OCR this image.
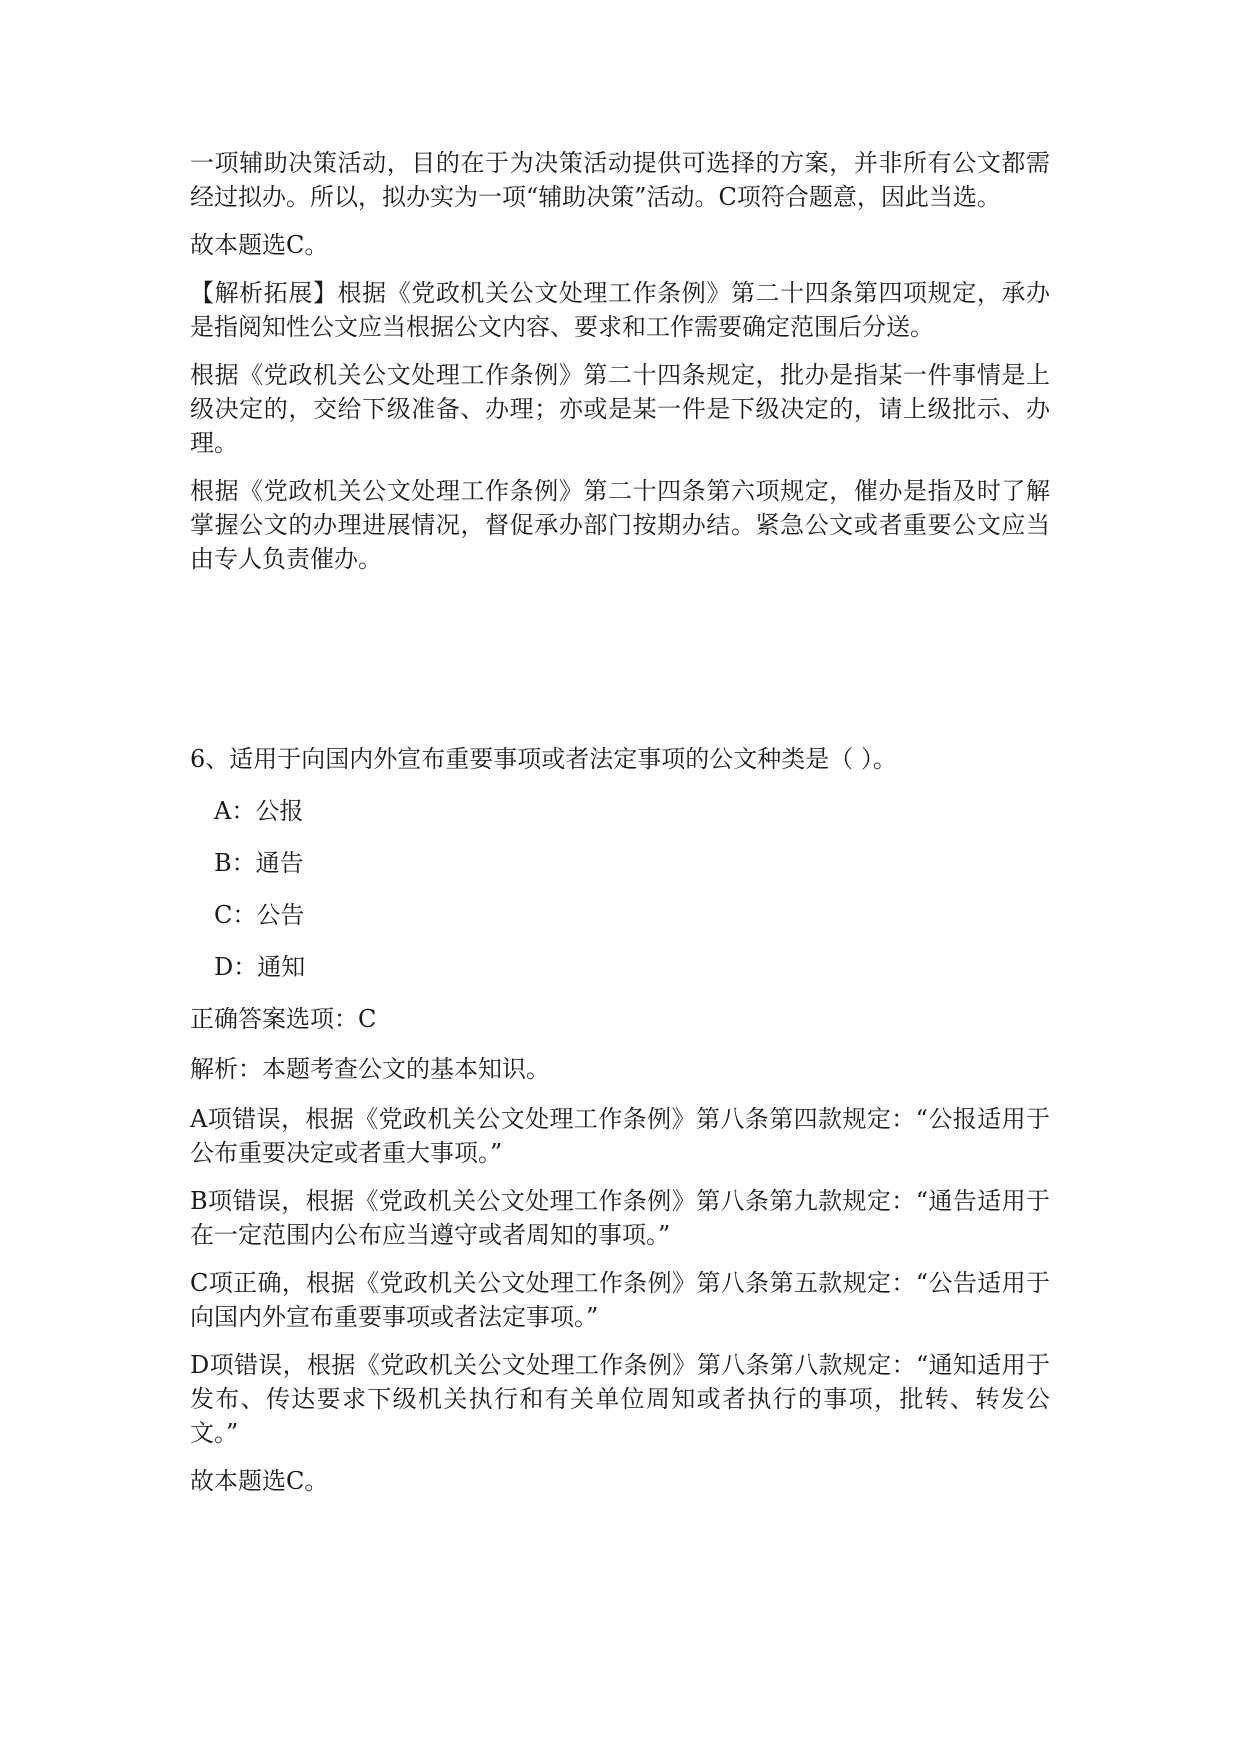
一项辅助决策活动，目的在于为决策活动提供可选择的方案，并非所有公文都需经过拟办。所以，拟办实为一项“辅助决策”活动。C项符合题意，因此当选。

故本题选C。

【解析拓展】根据《党政机关公文处理工作条例》第二十四条第四项规定，承办是指阅知性公文应当根据公文内容、要求和工作需要确定范围后分送。

根据《党政机关公文处理工作条例》第二十四条规定，批办是指某一件事情是上级决定的，交给下级准备、办理；亦或是某一件是下级决定的，请上级批示、办理。

根据《党政机关公文处理工作条例》第二十四条第六项规定，催办是指及时了解掌握公文的办理进展情况，督促承办部门按期办结。紧急公文或者重要公文应当由专人负责催办。

6、适用于向国内外宣布重要事项或者法定事项的公文种类是（ ）。

A：公报

B：通告

C：公告

D：通知

正确答案选项：C

解析：本题考查公文的基本知识。

A项错误，根据《党政机关公文处理工作条例》第八条第四款规定：“公报适用于公布重要决定或者重大事项。”

B项错误，根据《党政机关公文处理工作条例》第八条第九款规定：“通告适用于在一定范围内公布应当遵守或者周知的事项。”

C项正确，根据《党政机关公文处理工作条例》第八条第五款规定：“公告适用于向国内外宣布重要事项或者法定事项。”

D项错误，根据《党政机关公文处理工作条例》第八条第八款规定：“通知适用于发布、传达要求下级机关执行和有关单位周知或者执行的事项，批转、转发公文。”

故本题选C。
